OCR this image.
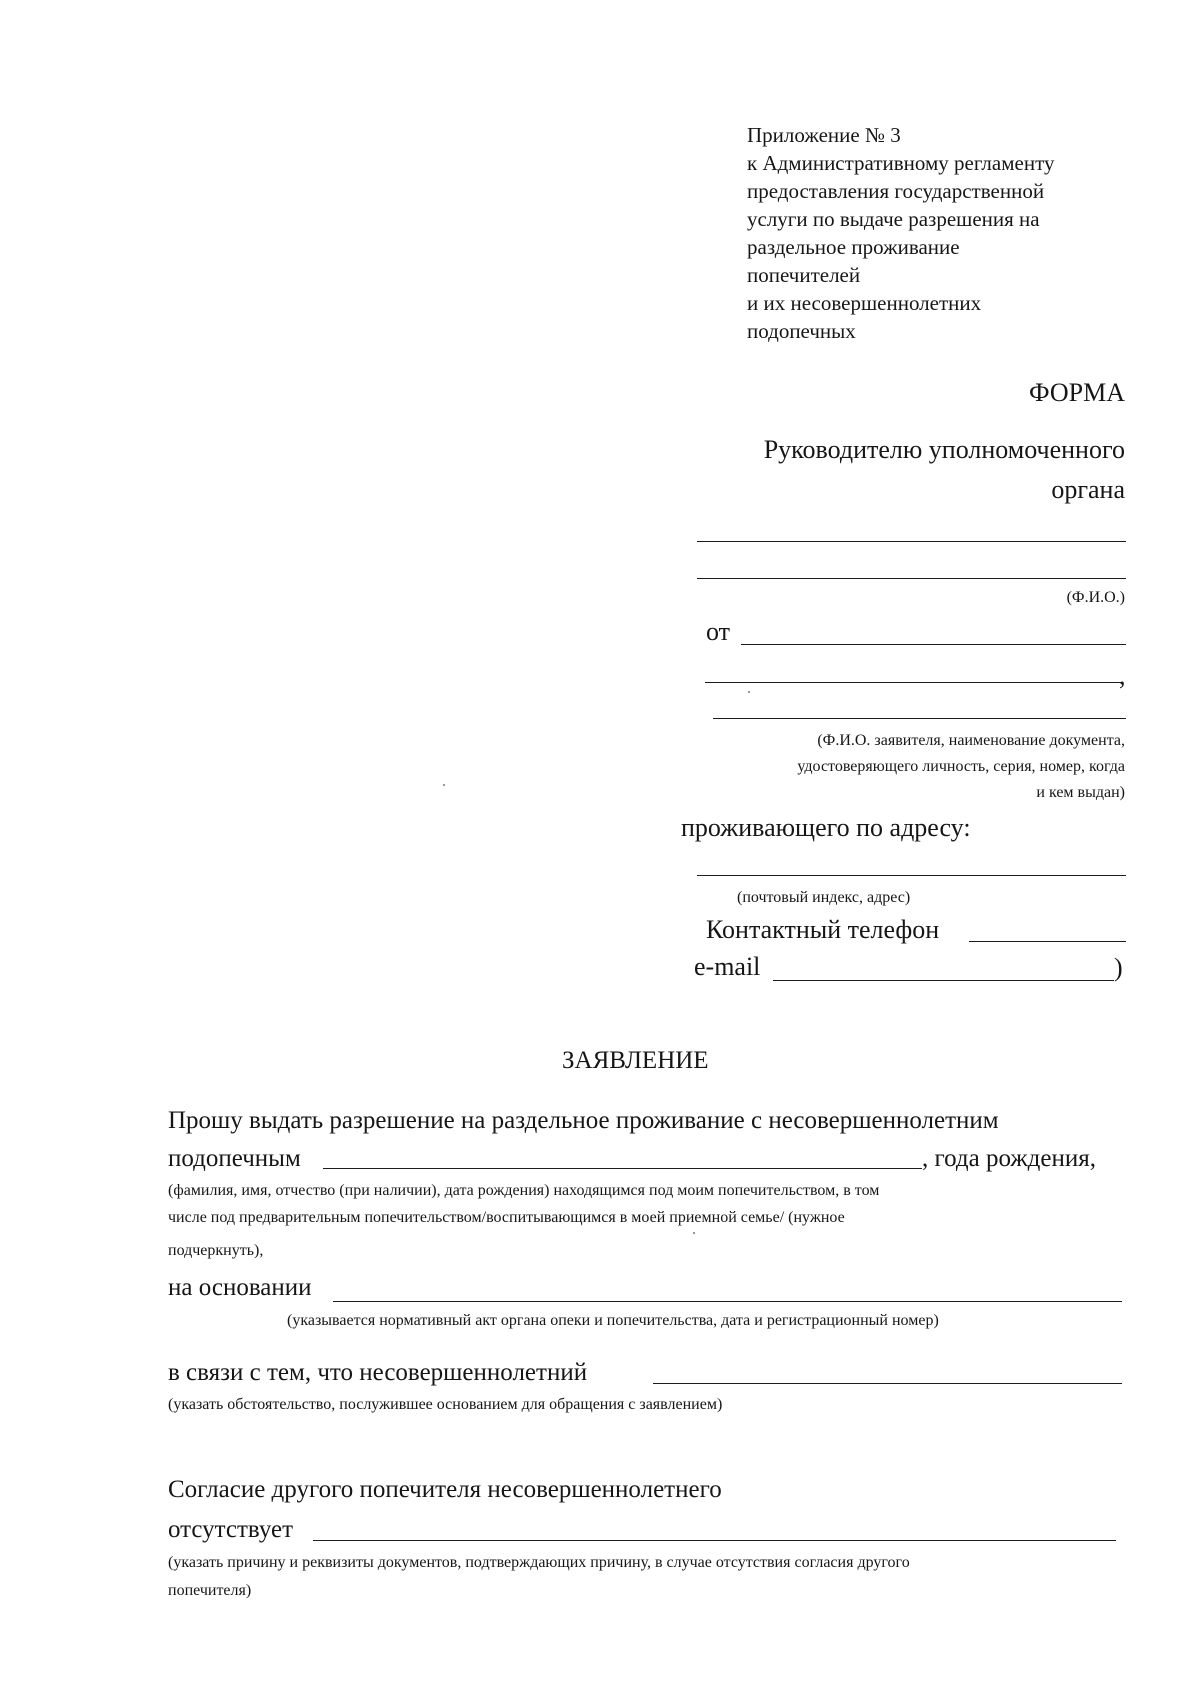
Приложение № 3
к Административному регламенту
предоставления государственной
услуги по выдаче разрешения на
раздельное проживание
попечителей
и их несовершеннолетних
подопечных
ФОРМА
Руководителю уполномоченного
органа
(Ф.И.О.)
от
,
(Ф.И.О. заявителя, наименование документа,
удостоверяющего личность, серия, номер, когда
и кем выдан)
проживающего по адресу:
(почтовый индекс, адрес)
Контактный телефон
e-mail	)
ЗАЯВЛЕНИЕ
Прошу выдать разрешение на раздельное проживание с несовершеннолетним
подопечным	, года рождения,
(фамилия, имя, отчество (при наличии), дата рождения) находящимся под моим попечительством, в том
числе под предварительным попечительством/воспитывающимся в моей приемной семье/ (нужное
подчеркнуть),
на основании
(указывается нормативный акт органа опеки и попечительства, дата и регистрационный номер)
в связи с тем, что несовершеннолетний
(указать обстоятельство, послужившее основанием для обращения с заявлением)
Согласие другого попечителя несовершеннолетнего
отсутствует
(указать причину и реквизиты документов, подтверждающих причину, в случае отсутствия согласия другого
попечителя)
